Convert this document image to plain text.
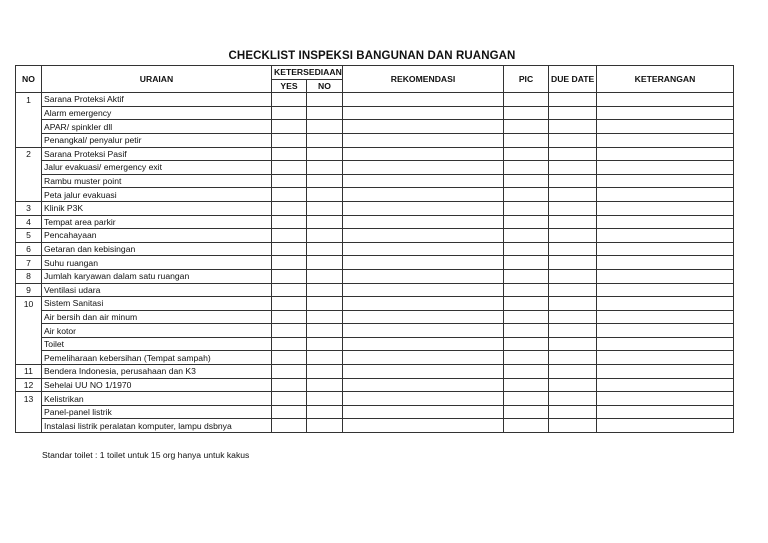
CHECKLIST INSPEKSI BANGUNAN DAN RUANGAN
NO	URAIAN	KETERSEDIAAN		REKOMENDASI	PIC	DUE DATE	KETERANGAN
		YES	NO				
1	Sarana Proteksi Aktif						
	Alarm emergency						
	APAR/ spinkler dll						
	Penangkal/ penyalur petir						
2	Sarana Proteksi Pasif						
	Jalur evakuasi/ emergency exit						
	Rambu muster point						
	Peta jalur evakuasi						
3	Klinik P3K						
4	Tempat area parkir						
5	Pencahayaan						
6	Getaran dan kebisingan						
7	Suhu ruangan						
8	Jumlah karyawan dalam satu ruangan						
9	Ventilasi udara						
10	Sistem Sanitasi						
	Air bersih dan air minum						
	Air kotor						
	Toilet						
	Pemeliharaan kebersihan (Tempat sampah)						
11	Bendera Indonesia, perusahaan dan K3						
12	Sehelai UU NO 1/1970						
13	Kelistrikan						
	Panel-panel listrik						
	Instalasi listrik peralatan komputer, lampu dsbnya						
Standar toilet : 1 toilet untuk 15 org hanya untuk kakus
